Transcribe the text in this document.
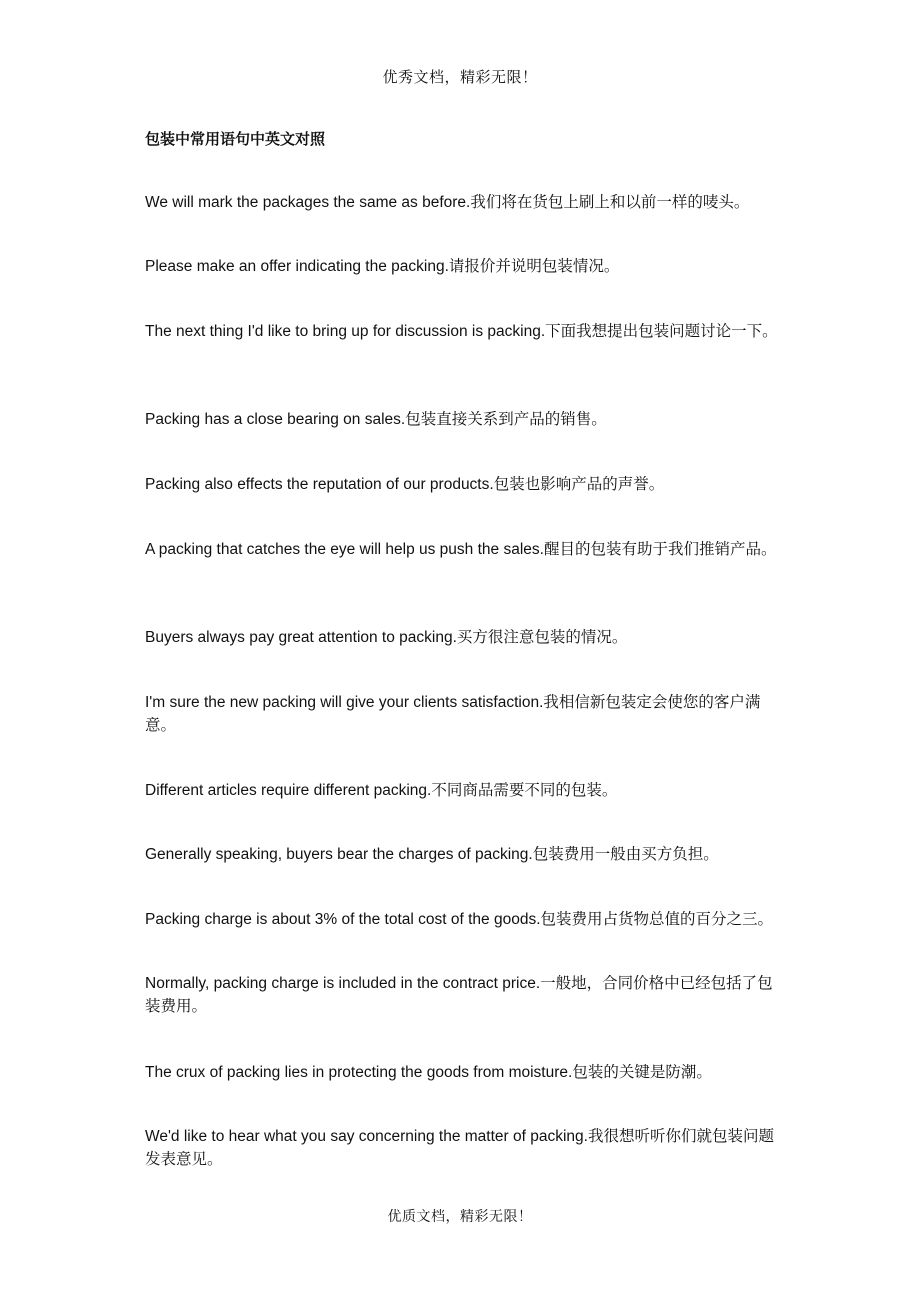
优秀文档，精彩无限！
包装中常用语句中英文对照
We will mark the packages the same as before.我们将在货包上刷上和以前一样的唛头。
Please make an offer indicating the packing.请报价并说明包装情况。
The next thing I'd like to bring up for discussion is packing.下面我想提出包装问题讨论一下。
Packing has a close bearing on sales.包装直接关系到产品的销售。
Packing also effects the reputation of our products.包装也影响产品的声誉。
A packing that catches the eye will help us push the sales.醒目的包装有助于我们推销产品。
Buyers always pay great attention to packing.买方很注意包装的情况。
I'm sure the new packing will give your clients satisfaction.我相信新包装定会使您的客户满意。
Different articles require different packing.不同商品需要不同的包装。
Generally speaking, buyers bear the charges of packing.包装费用一般由买方负担。
Packing charge is about 3% of the total cost of the goods.包装费用占货物总值的百分之三。
Normally, packing charge is included in the contract price.一般地，合同价格中已经包括了包装费用。
The crux of packing lies in protecting the goods from moisture.包装的关键是防潮。
We'd like to hear what you say concerning the matter of packing.我很想听听你们就包装问题发表意见。
优质文档，精彩无限！
